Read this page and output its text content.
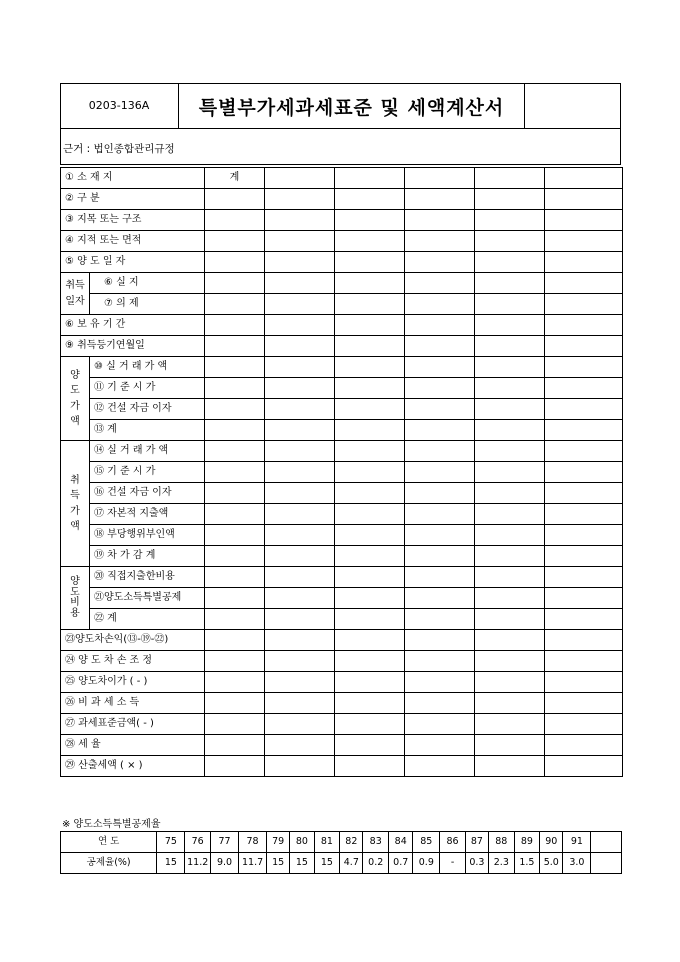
0203-136A	특별부가세과세표준 및 세액계산서
근거 : 법인종합관리규정
① 소 재 지		계					
② 구 분							
③ 지목 또는 구조							
④ 지적 또는 면적							
⑤ 양 도 일 자							
취득
일자	⑥ 실 지						
	⑦ 의 제						
⑥ 보 유 기 간							
⑨ 취득등기연월일							
양
도
가
액	⑩ 실 거 래 가 액						
	⑪ 기 준 시 가						
	⑫ 건설 자금 이자						
	⑬ 계						
취
득
가
액	⑭ 실 거 래 가 액						
	⑮ 기 준 시 가						
	⑯ 건설 자금 이자						
	⑰ 자본적 지출액						
	⑱ 부당행위부인액						
	⑲ 차 가 감 계						
양
도
비
용	⑳ 직접지출한비용						
	㉑양도소득특별공제						
	㉒ 계						
㉓양도차손익(⑬-⑲-㉒)							
㉔ 양 도 차 손 조 정							
㉕ 양도차이가 ( - )							
㉖ 비 과 세 소 득							
㉗ 과세표준금액( - )							
㉘ 세 율							
㉙ 산출세액 ( × )							
※ 양도소득특별공제율
연 도	75	76	77	78	79	80	81	82	83	84	85	86	87	88	89	90	91	
공제율(%)	15	11.2	9.0	11.7	15	15	15	4.7	0.2	0.7	0.9	-	0.3	2.3	1.5	5.0	3.0	
